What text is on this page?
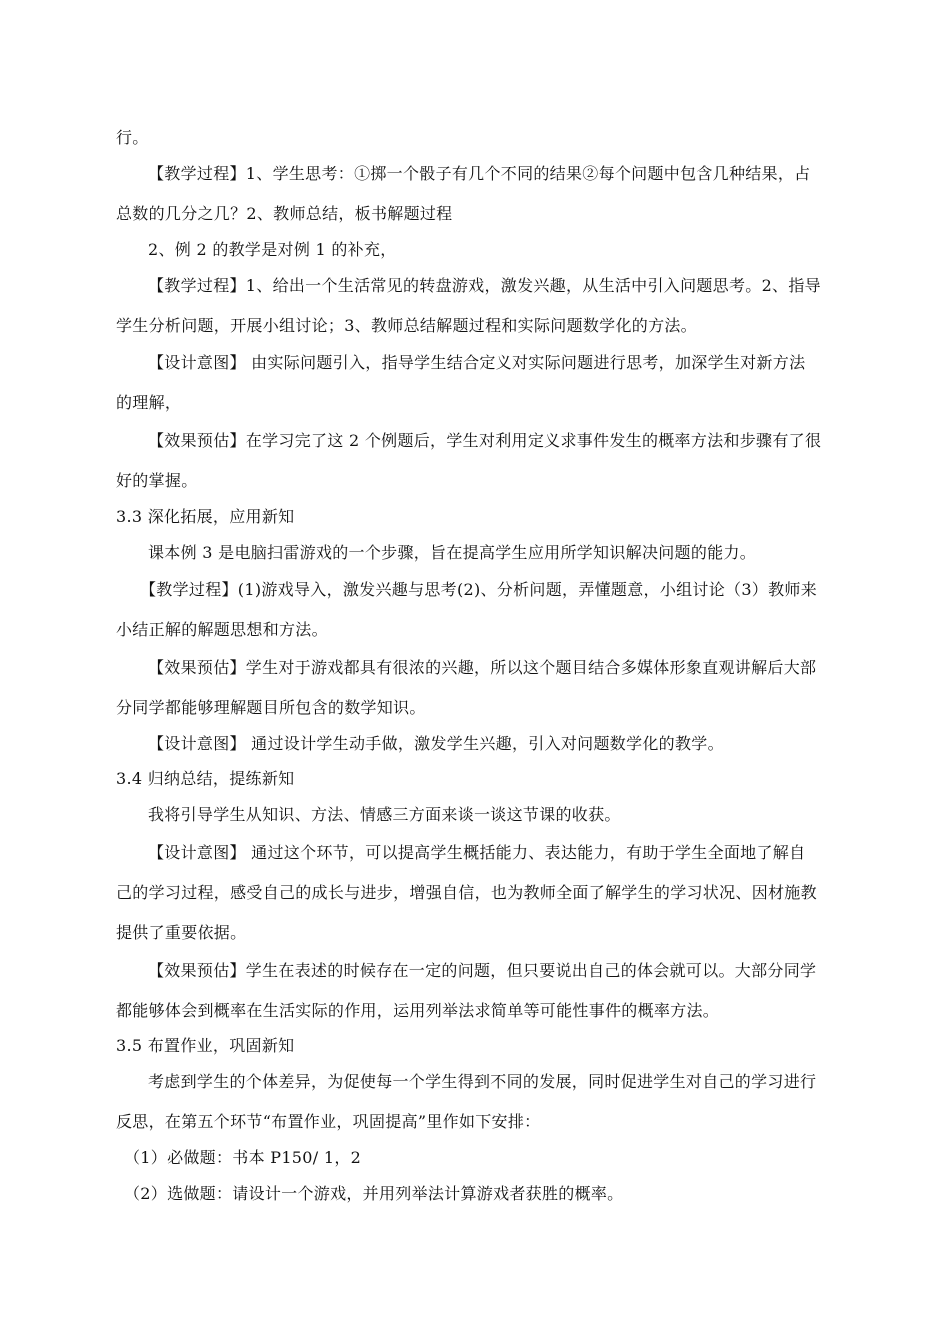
行。
【教学过程】1、学生思考：①掷一个骰子有几个不同的结果②每个问题中包含几种结果，占
总数的几分之几？2、教师总结，板书解题过程
2、例 2 的教学是对例 1 的补充，
【教学过程】1、给出一个生活常见的转盘游戏，激发兴趣，从生活中引入问题思考。2、指导
学生分析问题，开展小组讨论；3、教师总结解题过程和实际问题数学化的方法。
【设计意图】 由实际问题引入，指导学生结合定义对实际问题进行思考，加深学生对新方法
的理解，
【效果预估】在学习完了这 2 个例题后，学生对利用定义求事件发生的概率方法和步骤有了很
好的掌握。
3.3 深化拓展，应用新知
课本例 3 是电脑扫雷游戏的一个步骤，旨在提高学生应用所学知识解决问题的能力。
【教学过程】(1)游戏导入，激发兴趣与思考(2)、分析问题，弄懂题意，小组讨论（3）教师来
小结正解的解题思想和方法。
【效果预估】学生对于游戏都具有很浓的兴趣，所以这个题目结合多媒体形象直观讲解后大部
分同学都能够理解题目所包含的数学知识。
【设计意图】 通过设计学生动手做，激发学生兴趣，引入对问题数学化的教学。
3.4 归纳总结，提练新知
我将引导学生从知识、方法、情感三方面来谈一谈这节课的收获。
【设计意图】 通过这个环节，可以提高学生概括能力、表达能力，有助于学生全面地了解自
己的学习过程，感受自己的成长与进步，增强自信，也为教师全面了解学生的学习状况、因材施教
提供了重要依据。
【效果预估】学生在表述的时候存在一定的问题，但只要说出自己的体会就可以。大部分同学
都能够体会到概率在生活实际的作用，运用列举法求简单等可能性事件的概率方法。
3.5 布置作业，巩固新知
考虑到学生的个体差异，为促使每一个学生得到不同的发展，同时促进学生对自己的学习进行
反思，在第五个环节“布置作业，巩固提高”里作如下安排：
（1）必做题：书本 P150/ 1，2
（2）选做题：请设计一个游戏，并用列举法计算游戏者获胜的概率。
